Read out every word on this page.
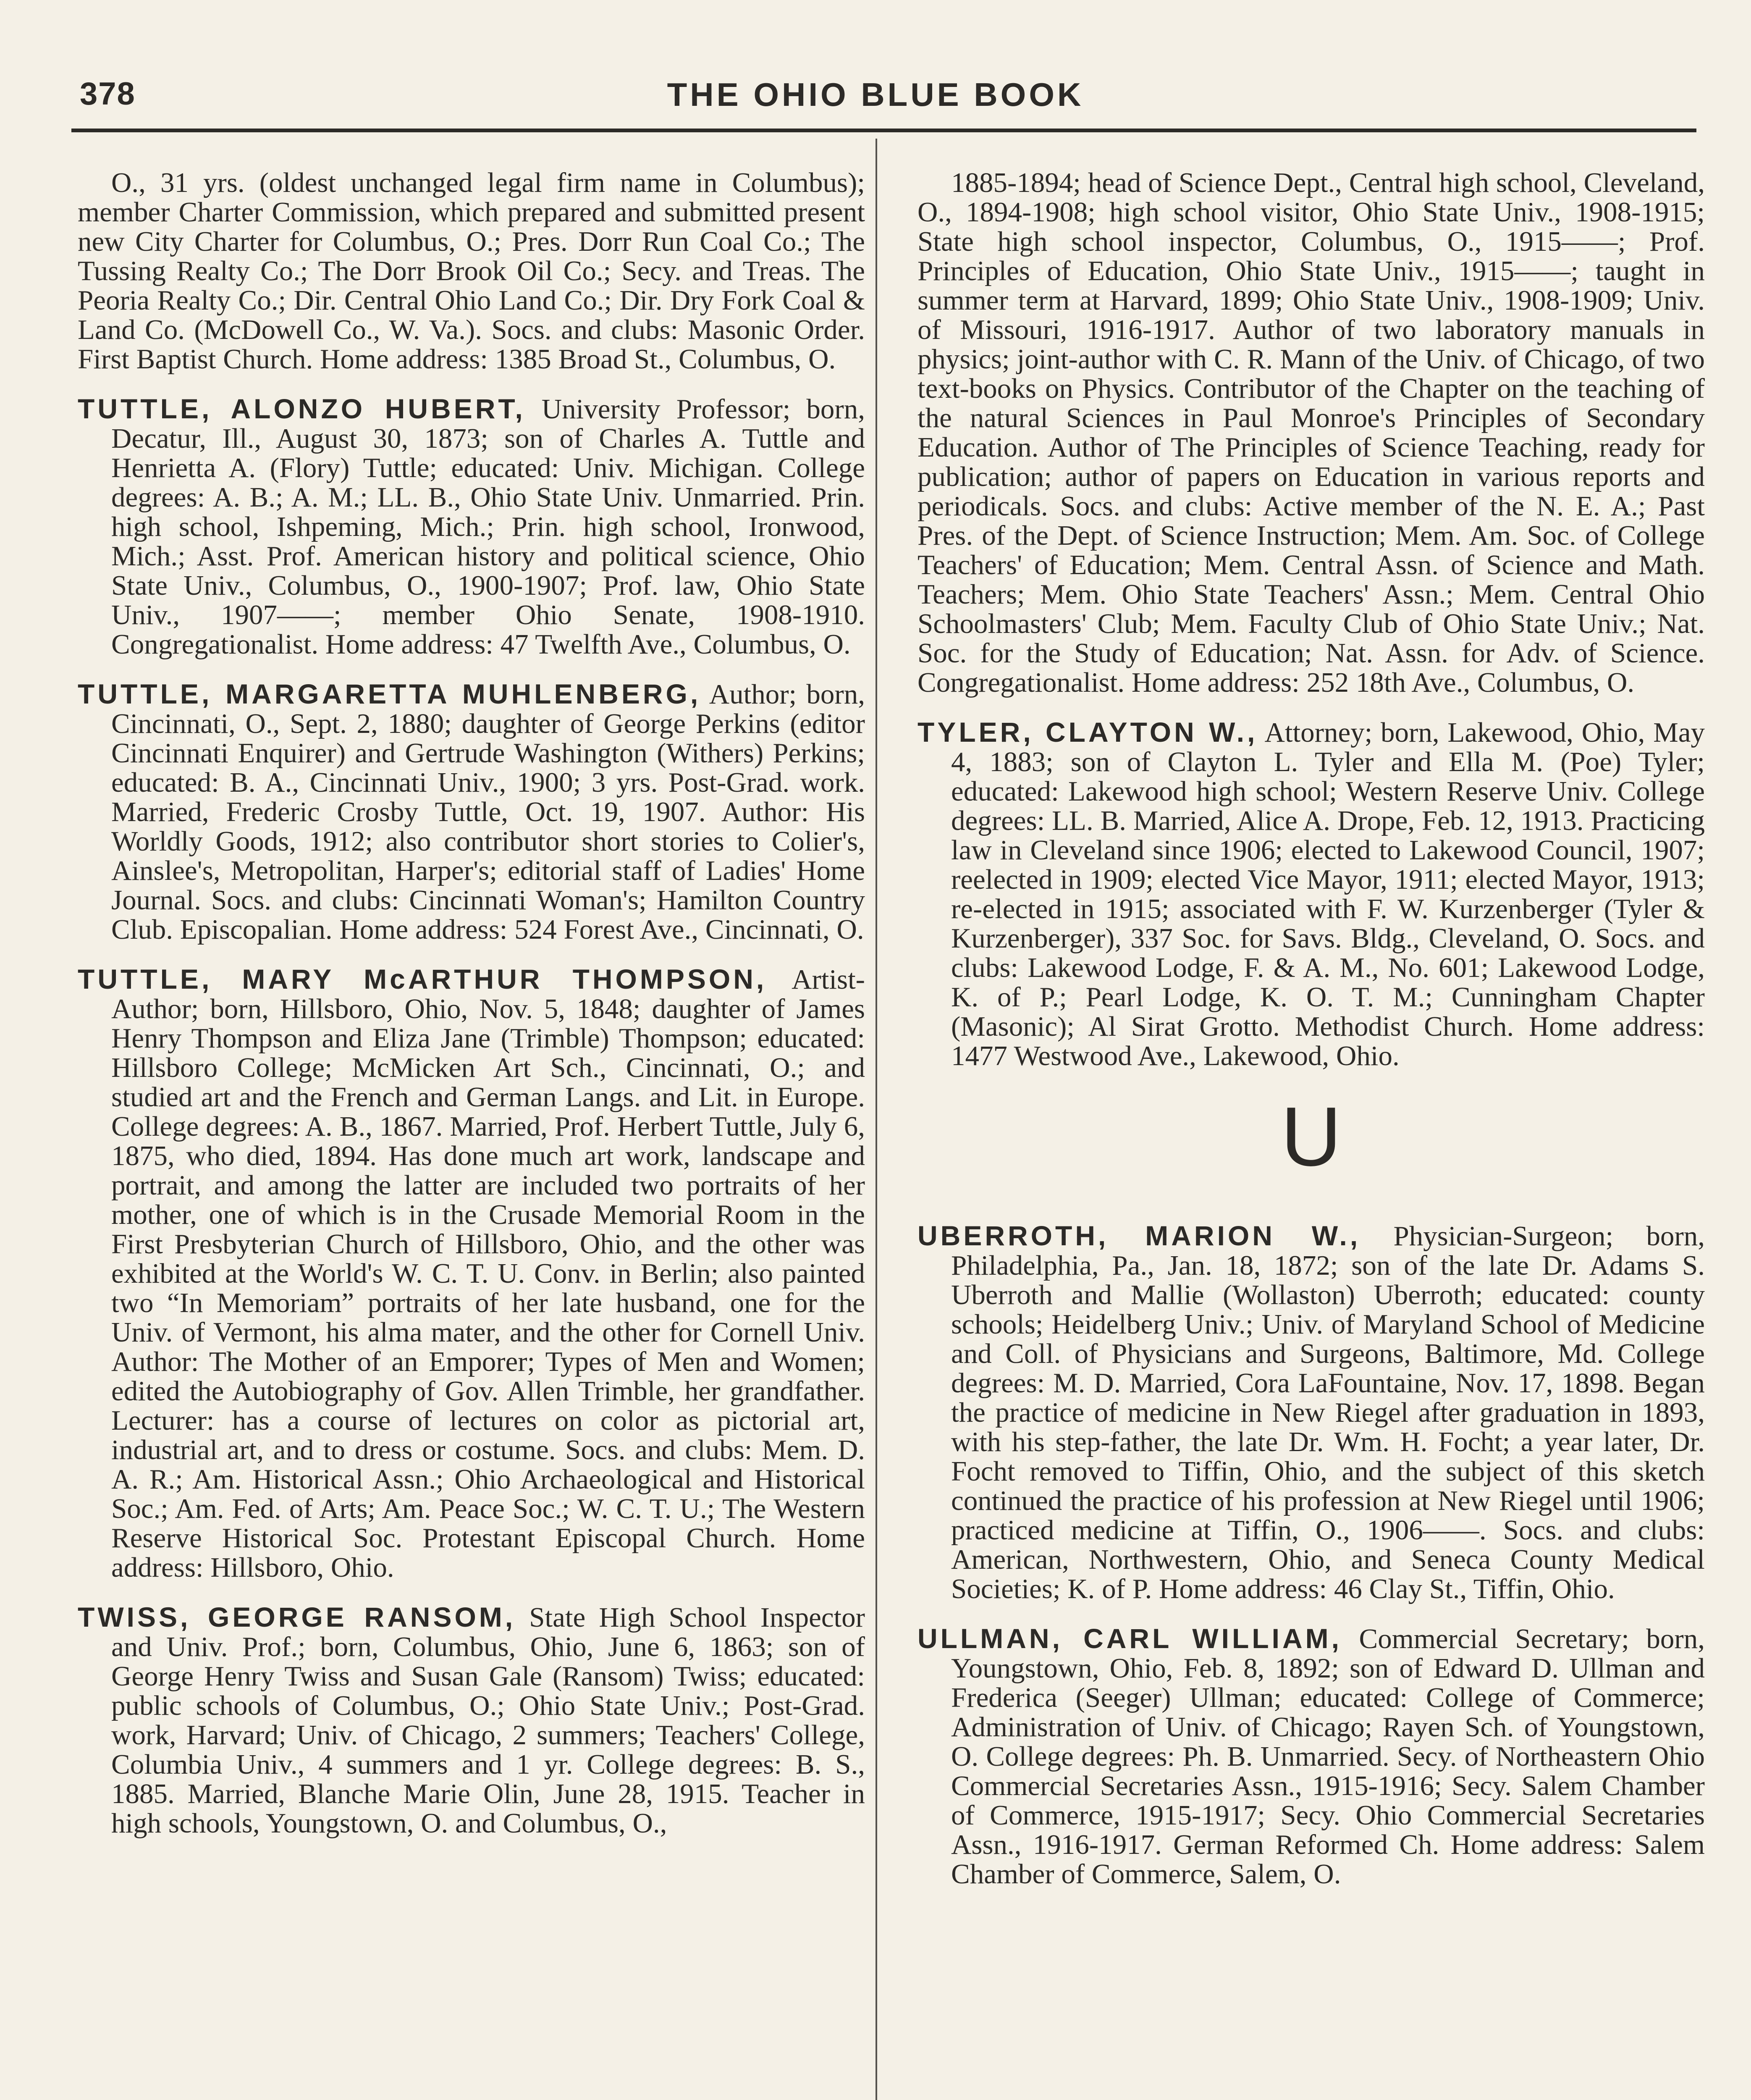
378	THE OHIO BLUE BOOK

O., 31 yrs. (oldest unchanged legal firm name in Columbus); member Charter Commission, which prepared and submitted present new City Charter for Columbus, O.; Pres. Dorr Run Coal Co.; The Tussing Realty Co.; The Dorr Brook Oil Co.; Secy. and Treas. The Peoria Realty Co.; Dir. Central Ohio Land Co.; Dir. Dry Fork Coal & Land Co. (McDowell Co., W. Va.). Socs. and clubs: Masonic Order. First Baptist Church. Home address: 1385 Broad St., Columbus, O.

TUTTLE, ALONZO HUBERT, University Professor; born, Decatur, Ill., August 30, 1873; son of Charles A. Tuttle and Henrietta A. (Flory) Tuttle; educated: Univ. Michigan. College degrees: A. B.; A. M.; LL. B., Ohio State Univ. Unmarried. Prin. high school, Ishpeming, Mich.; Prin. high school, Ironwood, Mich.; Asst. Prof. American history and political science, Ohio State Univ., Columbus, O., 1900-1907; Prof. law, Ohio State Univ., 1907——; member Ohio Senate, 1908-1910. Congregationalist. Home address: 47 Twelfth Ave., Columbus, O.

TUTTLE, MARGARETTA MUHLENBERG, Author; born, Cincinnati, O., Sept. 2, 1880; daughter of George Perkins (editor Cincinnati Enquirer) and Gertrude Washington (Withers) Perkins; educated: B. A., Cincinnati Univ., 1900; 3 yrs. Post-Grad. work. Married, Frederic Crosby Tuttle, Oct. 19, 1907. Author: His Worldly Goods, 1912; also contributor short stories to Colier's, Ainslee's, Metropolitan, Harper's; editorial staff of Ladies' Home Journal. Socs. and clubs: Cincinnati Woman's; Hamilton Country Club. Episcopalian. Home address: 524 Forest Ave., Cincinnati, O.

TUTTLE, MARY McARTHUR THOMPSON, Artist-Author; born, Hillsboro, Ohio, Nov. 5, 1848; daughter of James Henry Thompson and Eliza Jane (Trimble) Thompson; educated: Hillsboro College; McMicken Art Sch., Cincinnati, O.; and studied art and the French and German Langs. and Lit. in Europe. College degrees: A. B., 1867. Married, Prof. Herbert Tuttle, July 6, 1875, who died, 1894. Has done much art work, landscape and portrait, and among the latter are included two portraits of her mother, one of which is in the Crusade Memorial Room in the First Presbyterian Church of Hillsboro, Ohio, and the other was exhibited at the World's W. C. T. U. Conv. in Berlin; also painted two “In Memoriam” portraits of her late husband, one for the Univ. of Vermont, his alma mater, and the other for Cornell Univ. Author: The Mother of an Emporer; Types of Men and Women; edited the Autobiography of Gov. Allen Trimble, her grandfather. Lecturer: has a course of lectures on color as pictorial art, industrial art, and to dress or costume. Socs. and clubs: Mem. D. A. R.; Am. Historical Assn.; Ohio Archaeological and Historical Soc.; Am. Fed. of Arts; Am. Peace Soc.; W. C. T. U.; The Western Reserve Historical Soc. Protestant Episcopal Church. Home address: Hillsboro, Ohio.

TWISS, GEORGE RANSOM, State High School Inspector and Univ. Prof.; born, Columbus, Ohio, June 6, 1863; son of George Henry Twiss and Susan Gale (Ransom) Twiss; educated: public schools of Columbus, O.; Ohio State Univ.; Post-Grad. work, Harvard; Univ. of Chicago, 2 summers; Teachers' College, Columbia Univ., 4 summers and 1 yr. College degrees: B. S., 1885. Married, Blanche Marie Olin, June 28, 1915. Teacher in high schools, Youngstown, O. and Columbus, O.,

1885-1894; head of Science Dept., Central high school, Cleveland, O., 1894-1908; high school visitor, Ohio State Univ., 1908-1915; State high school inspector, Columbus, O., 1915——; Prof. Principles of Education, Ohio State Univ., 1915——; taught in summer term at Harvard, 1899; Ohio State Univ., 1908-1909; Univ. of Missouri, 1916-1917. Author of two laboratory manuals in physics; joint-author with C. R. Mann of the Univ. of Chicago, of two text-books on Physics. Contributor of the Chapter on the teaching of the natural Sciences in Paul Monroe's Principles of Secondary Education. Author of The Principles of Science Teaching, ready for publication; author of papers on Education in various reports and periodicals. Socs. and clubs: Active member of the N. E. A.; Past Pres. of the Dept. of Science Instruction; Mem. Am. Soc. of College Teachers' of Education; Mem. Central Assn. of Science and Math. Teachers; Mem. Ohio State Teachers' Assn.; Mem. Central Ohio Schoolmasters' Club; Mem. Faculty Club of Ohio State Univ.; Nat. Soc. for the Study of Education; Nat. Assn. for Adv. of Science. Congregationalist. Home address: 252 18th Ave., Columbus, O.

TYLER, CLAYTON W., Attorney; born, Lakewood, Ohio, May 4, 1883; son of Clayton L. Tyler and Ella M. (Poe) Tyler; educated: Lakewood high school; Western Reserve Univ. College degrees: LL. B. Married, Alice A. Drope, Feb. 12, 1913. Practicing law in Cleveland since 1906; elected to Lakewood Council, 1907; reelected in 1909; elected Vice Mayor, 1911; elected Mayor, 1913; re-elected in 1915; associated with F. W. Kurzenberger (Tyler & Kurzenberger), 337 Soc. for Savs. Bldg., Cleveland, O. Socs. and clubs: Lakewood Lodge, F. & A. M., No. 601; Lakewood Lodge, K. of P.; Pearl Lodge, K. O. T. M.; Cunningham Chapter (Masonic); Al Sirat Grotto. Methodist Church. Home address: 1477 Westwood Ave., Lakewood, Ohio.

U

UBERROTH, MARION W., Physician-Surgeon; born, Philadelphia, Pa., Jan. 18, 1872; son of the late Dr. Adams S. Uberroth and Mallie (Wollaston) Uberroth; educated: county schools; Heidelberg Univ.; Univ. of Maryland School of Medicine and Coll. of Physicians and Surgeons, Baltimore, Md. College degrees: M. D. Married, Cora LaFountaine, Nov. 17, 1898. Began the practice of medicine in New Riegel after graduation in 1893, with his step-father, the late Dr. Wm. H. Focht; a year later, Dr. Focht removed to Tiffin, Ohio, and the subject of this sketch continued the practice of his profession at New Riegel until 1906; practiced medicine at Tiffin, O., 1906——. Socs. and clubs: American, Northwestern, Ohio, and Seneca County Medical Societies; K. of P. Home address: 46 Clay St., Tiffin, Ohio.

ULLMAN, CARL WILLIAM, Commercial Secretary; born, Youngstown, Ohio, Feb. 8, 1892; son of Edward D. Ullman and Frederica (Seeger) Ullman; educated: College of Commerce; Administration of Univ. of Chicago; Rayen Sch. of Youngstown, O. College degrees: Ph. B. Unmarried. Secy. of Northeastern Ohio Commercial Secretaries Assn., 1915-1916; Secy. Salem Chamber of Commerce, 1915-1917; Secy. Ohio Commercial Secretaries Assn., 1916-1917. German Reformed Ch. Home address: Salem Chamber of Commerce, Salem, O.
